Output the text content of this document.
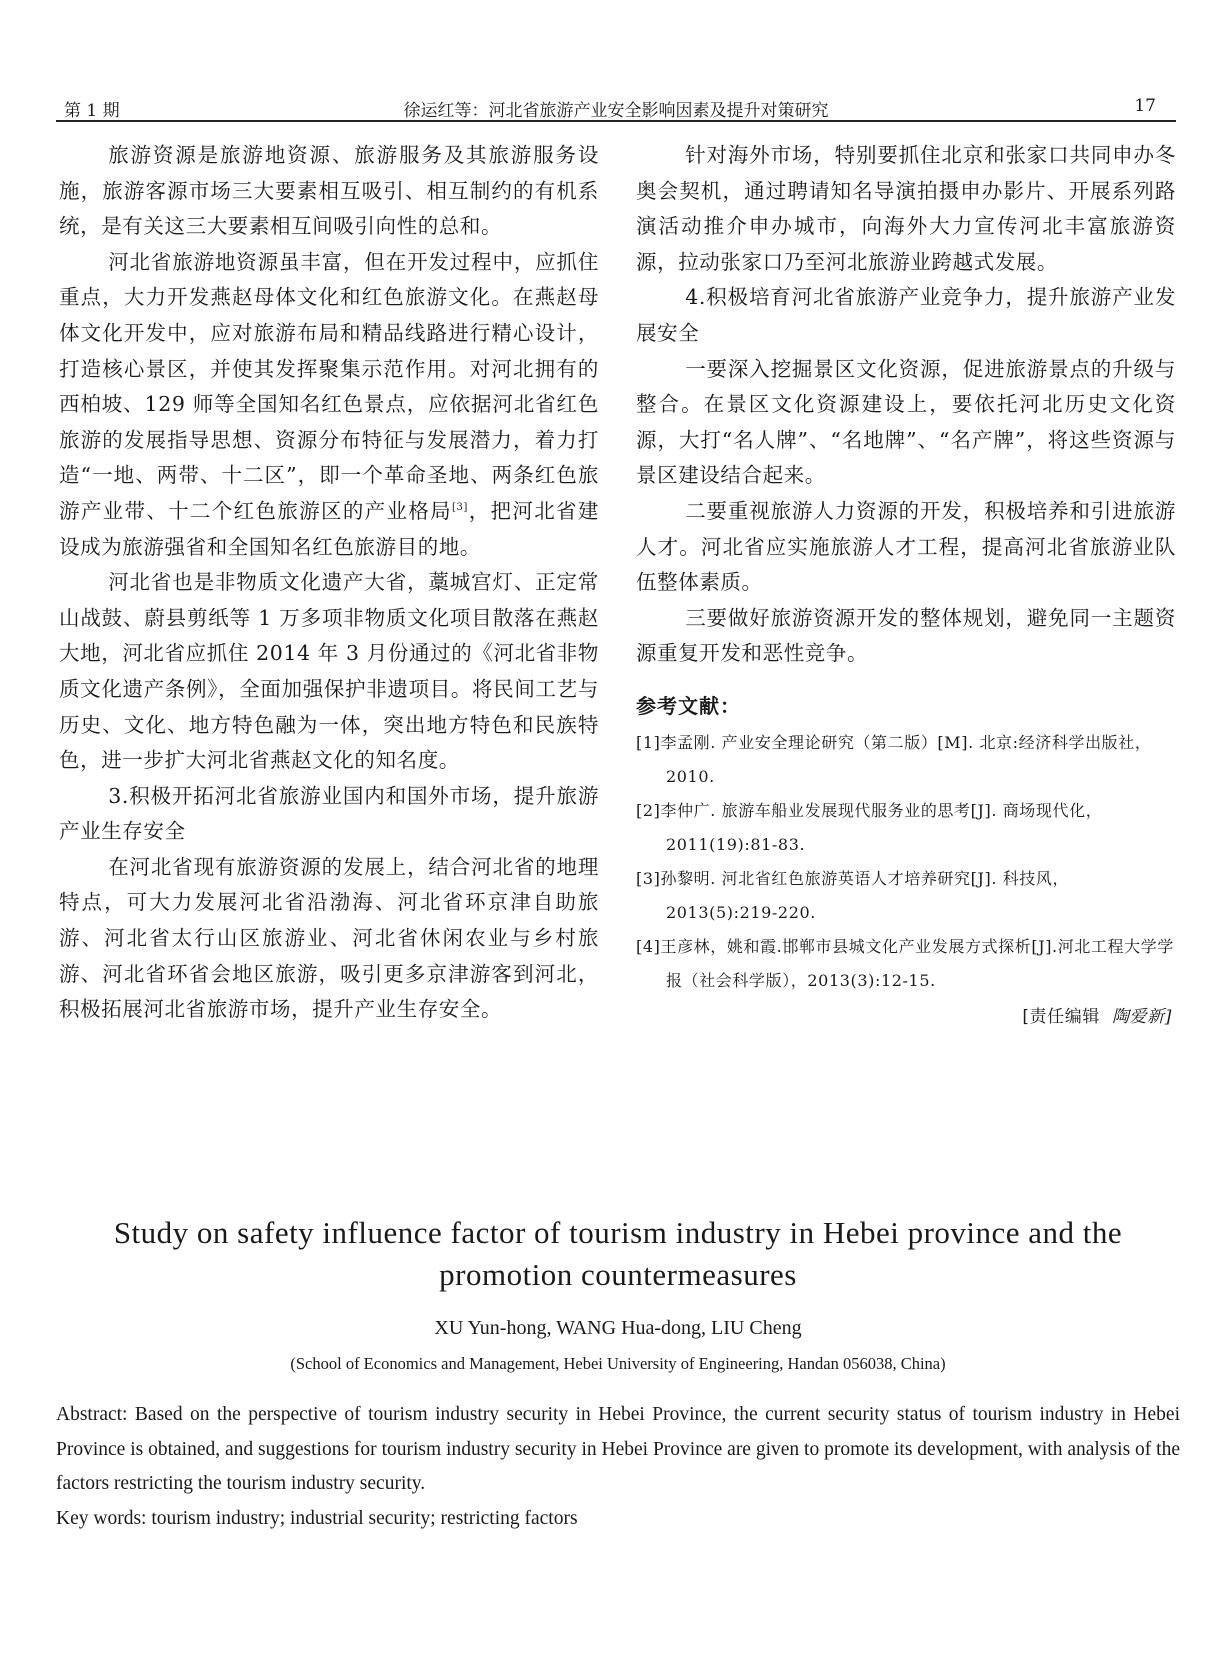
第 1 期	徐运红等：河北省旅游产业安全影响因素及提升对策研究	17

旅游资源是旅游地资源、旅游服务及其旅游服务设施，旅游客源市场三大要素相互吸引、相互制约的有机系统，是有关这三大要素相互间吸引向性的总和。

河北省旅游地资源虽丰富，但在开发过程中，应抓住重点，大力开发燕赵母体文化和红色旅游文化。在燕赵母体文化开发中，应对旅游布局和精品线路进行精心设计，打造核心景区，并使其发挥聚集示范作用。对河北拥有的西柏坡、129 师等全国知名红色景点，应依据河北省红色旅游的发展指导思想、资源分布特征与发展潜力，着力打造“一地、两带、十二区”，即一个革命圣地、两条红色旅游产业带、十二个红色旅游区的产业格局[3]，把河北省建设成为旅游强省和全国知名红色旅游目的地。

河北省也是非物质文化遗产大省，藁城宫灯、正定常山战鼓、蔚县剪纸等 1 万多项非物质文化项目散落在燕赵大地，河北省应抓住 2014 年 3 月份通过的《河北省非物质文化遗产条例》，全面加强保护非遗项目。将民间工艺与历史、文化、地方特色融为一体，突出地方特色和民族特色，进一步扩大河北省燕赵文化的知名度。

3.积极开拓河北省旅游业国内和国外市场，提升旅游产业生存安全

在河北省现有旅游资源的发展上，结合河北省的地理特点，可大力发展河北省沿渤海、河北省环京津自助旅游、河北省太行山区旅游业、河北省休闲农业与乡村旅游、河北省环省会地区旅游，吸引更多京津游客到河北，积极拓展河北省旅游市场，提升产业生存安全。

针对海外市场，特别要抓住北京和张家口共同申办冬奥会契机，通过聘请知名导演拍摄申办影片、开展系列路演活动推介申办城市，向海外大力宣传河北丰富旅游资源，拉动张家口乃至河北旅游业跨越式发展。

4.积极培育河北省旅游产业竞争力，提升旅游产业发展安全

一要深入挖掘景区文化资源，促进旅游景点的升级与整合。在景区文化资源建设上，要依托河北历史文化资源，大打“名人牌”、“名地牌”、“名产牌”，将这些资源与景区建设结合起来。

二要重视旅游人力资源的开发，积极培养和引进旅游人才。河北省应实施旅游人才工程，提高河北省旅游业队伍整体素质。

三要做好旅游资源开发的整体规划，避免同一主题资源重复开发和恶性竞争。

参考文献：
[1]李孟刚. 产业安全理论研究（第二版）[M]. 北京:经济科学出版社，2010.
[2]李仲广. 旅游车船业发展现代服务业的思考[J]. 商场现代化，2011(19):81-83.
[3]孙黎明. 河北省红色旅游英语人才培养研究[J]. 科技风，2013(5):219-220.
[4]王彦林，姚和霞.邯郸市县城文化产业发展方式探析[J].河北工程大学学报（社会科学版），2013(3):12-15.
[责任编辑 陶爱新]

Study on safety influence factor of tourism industry in Hebei province and the promotion countermeasures

XU Yun-hong, WANG Hua-dong, LIU Cheng
(School of Economics and Management, Hebei University of Engineering, Handan 056038, China)
Abstract: Based on the perspective of tourism industry security in Hebei Province, the current security status of tourism industry in Hebei Province is obtained, and suggestions for tourism industry security in Hebei Province are given to promote its development, with analysis of the factors restricting the tourism industry security.
Key words: tourism industry; industrial security; restricting factors
